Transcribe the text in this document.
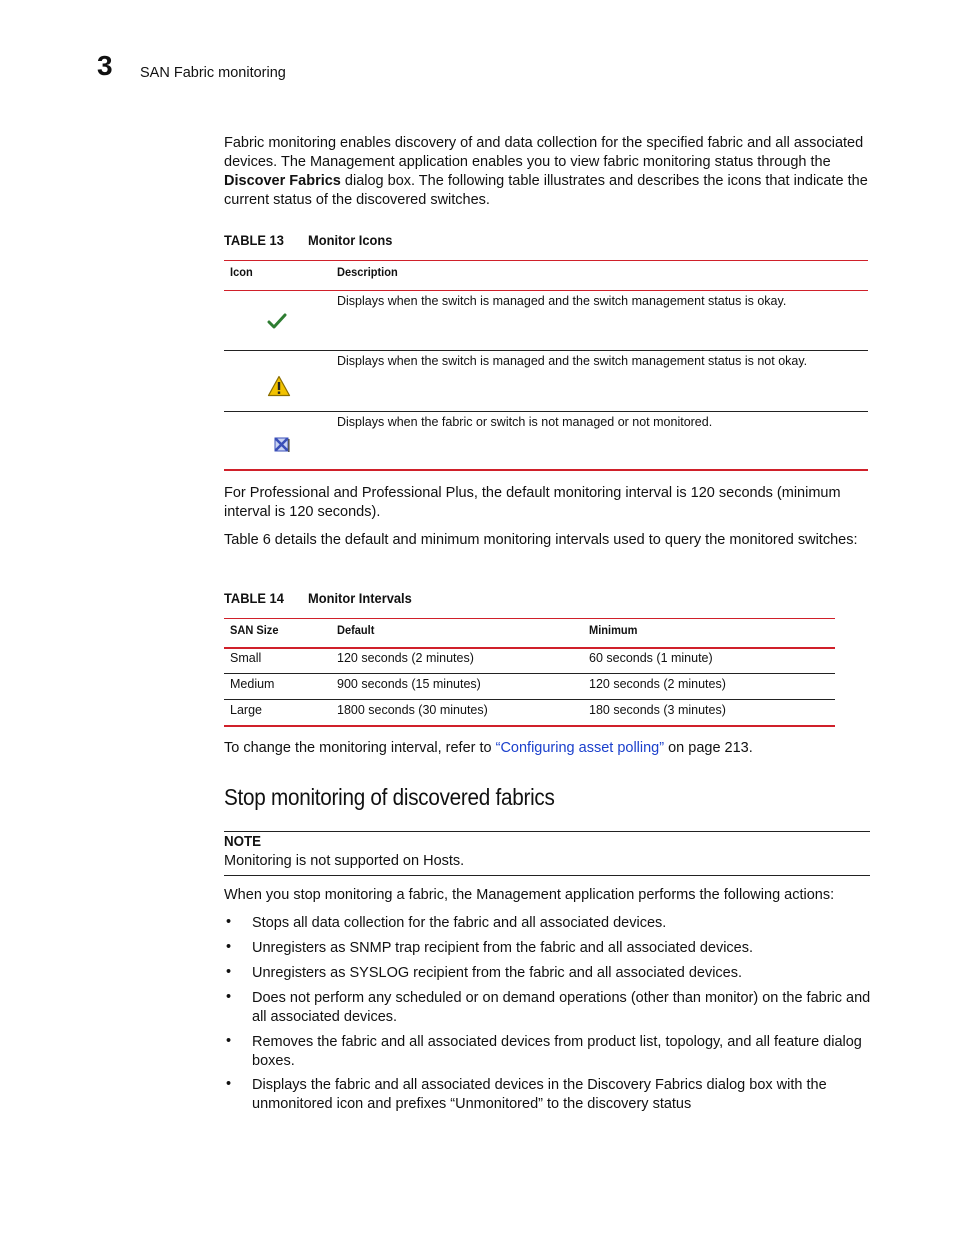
3 SAN Fabric monitoring
Fabric monitoring enables discovery of and data collection for the specified fabric and all associated devices. The Management application enables you to view fabric monitoring status through the Discover Fabrics dialog box. The following table illustrates and describes the icons that indicate the current status of the discovered switches.
TABLE 13 Monitor Icons
Icon	Description
Displays when the switch is managed and the switch management status is okay.
Displays when the switch is managed and the switch management status is not okay.
Displays when the fabric or switch is not managed or not monitored.
For Professional and Professional Plus, the default monitoring interval is 120 seconds (minimum interval is 120 seconds).
Table 6 details the default and minimum monitoring intervals used to query the monitored switches:
TABLE 14 Monitor Intervals
SAN Size	Default	Minimum
Small	120 seconds (2 minutes)	60 seconds (1 minute)
Medium	900 seconds (15 minutes)	120 seconds (2 minutes)
Large	1800 seconds (30 minutes)	180 seconds (3 minutes)
To change the monitoring interval, refer to “Configuring asset polling” on page 213.
Stop monitoring of discovered fabrics
NOTE
Monitoring is not supported on Hosts.
When you stop monitoring a fabric, the Management application performs the following actions:
• Stops all data collection for the fabric and all associated devices.
• Unregisters as SNMP trap recipient from the fabric and all associated devices.
• Unregisters as SYSLOG recipient from the fabric and all associated devices.
• Does not perform any scheduled or on demand operations (other than monitor) on the fabric and all associated devices.
• Removes the fabric and all associated devices from product list, topology, and all feature dialog boxes.
• Displays the fabric and all associated devices in the Discovery Fabrics dialog box with the unmonitored icon and prefixes “Unmonitored” to the discovery status
